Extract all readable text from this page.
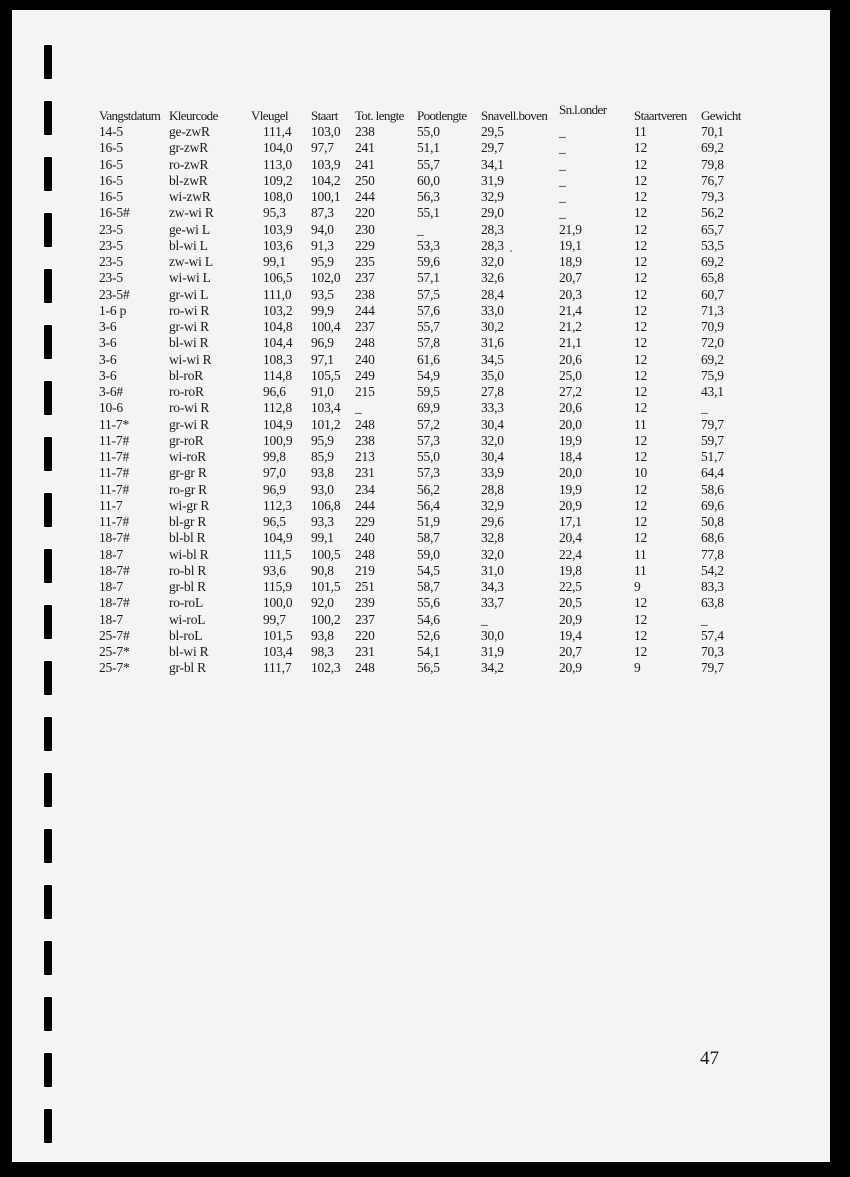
Vangstdatum	Kleurcode	Vleugel	Staart	Tot. lengte	Pootlengte	Snavell.boven	Sn.l.onder	Staartveren	Gewicht
14-5	ge-zwR	111,4	103,0	238	55,0	29,5	_	11	70,1
16-5	gr-zwR	104,0	97,7	241	51,1	29,7	_	12	69,2
16-5	ro-zwR	113,0	103,9	241	55,7	34,1	_	12	79,8
16-5	bl-zwR	109,2	104,2	250	60,0	31,9	_	12	76,7
16-5	wi-zwR	108,0	100,1	244	56,3	32,9	_	12	79,3
16-5#	zw-wi R	95,3	87,3	220	55,1	29,0	_	12	56,2
23-5	ge-wi L	103,9	94,0	230	_	28,3	21,9	12	65,7
23-5	bl-wi L	103,6	91,3	229	53,3	28,3	19,1	12	53,5
23-5	zw-wi L	99,1	95,9	235	59,6	32,0	18,9	12	69,2
23-5	wi-wi L	106,5	102,0	237	57,1	32,6	20,7	12	65,8
23-5#	gr-wi L	111,0	93,5	238	57,5	28,4	20,3	12	60,7
1-6 p	ro-wi R	103,2	99,9	244	57,6	33,0	21,4	12	71,3
3-6	gr-wi R	104,8	100,4	237	55,7	30,2	21,2	12	70,9
3-6	bl-wi R	104,4	96,9	248	57,8	31,6	21,1	12	72,0
3-6	wi-wi R	108,3	97,1	240	61,6	34,5	20,6	12	69,2
3-6	bl-roR	114,8	105,5	249	54,9	35,0	25,0	12	75,9
3-6#	ro-roR	96,6	91,0	215	59,5	27,8	27,2	12	43,1
10-6	ro-wi R	112,8	103,4	_	69,9	33,3	20,6	12	_
11-7*	gr-wi R	104,9	101,2	248	57,2	30,4	20,0	11	79,7
11-7#	gr-roR	100,9	95,9	238	57,3	32,0	19,9	12	59,7
11-7#	wi-roR	99,8	85,9	213	55,0	30,4	18,4	12	51,7
11-7#	gr-gr R	97,0	93,8	231	57,3	33,9	20,0	10	64,4
11-7#	ro-gr R	96,9	93,0	234	56,2	28,8	19,9	12	58,6
11-7	wi-gr R	112,3	106,8	244	56,4	32,9	20,9	12	69,6
11-7#	bl-gr R	96,5	93,3	229	51,9	29,6	17,1	12	50,8
18-7#	bl-bl R	104,9	99,1	240	58,7	32,8	20,4	12	68,6
18-7	wi-bl R	111,5	100,5	248	59,0	32,0	22,4	11	77,8
18-7#	ro-bl R	93,6	90,8	219	54,5	31,0	19,8	11	54,2
18-7	gr-bl R	115,9	101,5	251	58,7	34,3	22,5	9	83,3
18-7#	ro-roL	100,0	92,0	239	55,6	33,7	20,5	12	63,8
18-7	wi-roL	99,7	100,2	237	54,6	_	20,9	12	_
25-7#	bl-roL	101,5	93,8	220	52,6	30,0	19,4	12	57,4
25-7*	bl-wi R	103,4	98,3	231	54,1	31,9	20,7	12	70,3
25-7*	gr-bl R	111,7	102,3	248	56,5	34,2	20,9	9	79,7
47
